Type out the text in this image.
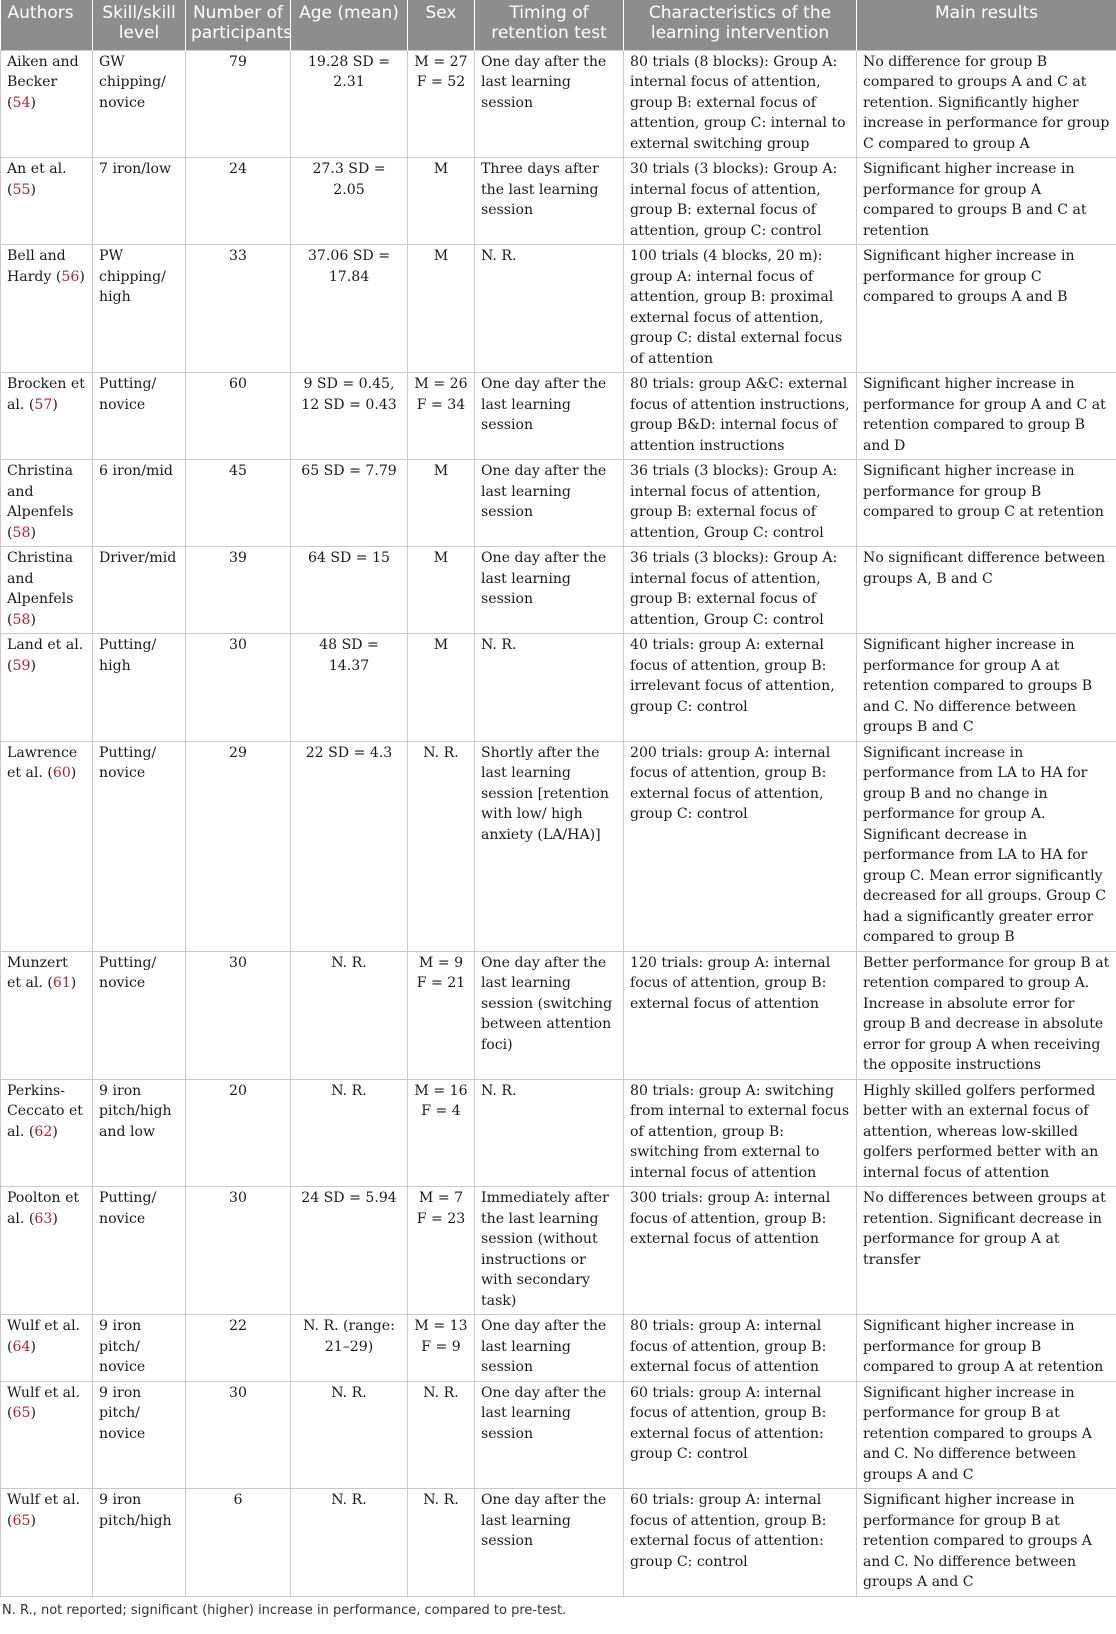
Authors	Skill/skill level	Number of participants	Age (mean)	Sex	Timing of retention test	Characteristics of the learning intervention	Main results
Aiken and Becker (54)	GW chipping/ novice	79	19.28 SD = 2.31	M = 27 F = 52	One day after the last learning session	80 trials (8 blocks): Group A: internal focus of attention, group B: external focus of attention, group C: internal to external switching group	No difference for group B compared to groups A and C at retention. Significantly higher increase in performance for group C compared to group A
An et al. (55)	7 iron/low	24	27.3 SD = 2.05	M	Three days after the last learning session	30 trials (3 blocks): Group A: internal focus of attention, group B: external focus of attention, group C: control	Significant higher increase in performance for group A compared to groups B and C at retention
Bell and Hardy (56)	PW chipping/ high	33	37.06 SD = 17.84	M	N. R.	100 trials (4 blocks, 20 m): group A: internal focus of attention, group B: proximal external focus of attention, group C: distal external focus of attention	Significant higher increase in performance for group C compared to groups A and B
Brocken et al. (57)	Putting/ novice	60	9 SD = 0.45, 12 SD = 0.43	M = 26 F = 34	One day after the last learning session	80 trials: group A&C: external focus of attention instructions, group B&D: internal focus of attention instructions	Significant higher increase in performance for group A and C at retention compared to group B and D
Christina and Alpenfels (58)	6 iron/mid	45	65 SD = 7.79	M	One day after the last learning session	36 trials (3 blocks): Group A: internal focus of attention, group B: external focus of attention, Group C: control	Significant higher increase in performance for group B compared to group C at retention
Christina and Alpenfels (58)	Driver/mid	39	64 SD = 15	M	One day after the last learning session	36 trials (3 blocks): Group A: internal focus of attention, group B: external focus of attention, Group C: control	No significant difference between groups A, B and C
Land et al. (59)	Putting/ high	30	48 SD = 14.37	M	N. R.	40 trials: group A: external focus of attention, group B: irrelevant focus of attention, group C: control	Significant higher increase in performance for group A at retention compared to groups B and C. No difference between groups B and C
Lawrence et al. (60)	Putting/ novice	29	22 SD = 4.3	N. R.	Shortly after the last learning session [retention with low/ high anxiety (LA/HA)]	200 trials: group A: internal focus of attention, group B: external focus of attention, group C: control	Significant increase in performance from LA to HA for group B and no change in performance for group A. Significant decrease in performance from LA to HA for group C. Mean error significantly decreased for all groups. Group C had a significantly greater error compared to group B
Munzert et al. (61)	Putting/ novice	30	N. R.	M = 9 F = 21	One day after the last learning session (switching between attention foci)	120 trials: group A: internal focus of attention, group B: external focus of attention	Better performance for group B at retention compared to group A. Increase in absolute error for group B and decrease in absolute error for group A when receiving the opposite instructions
Perkins-Ceccato et al. (62)	9 iron pitch/high and low	20	N. R.	M = 16 F = 4	N. R.	80 trials: group A: switching from internal to external focus of attention, group B: switching from external to internal focus of attention	Highly skilled golfers performed better with an external focus of attention, whereas low-skilled golfers performed better with an internal focus of attention
Poolton et al. (63)	Putting/ novice	30	24 SD = 5.94	M = 7 F = 23	Immediately after the last learning session (without instructions or with secondary task)	300 trials: group A: internal focus of attention, group B: external focus of attention	No differences between groups at retention. Significant decrease in performance for group A at transfer
Wulf et al. (64)	9 iron pitch/ novice	22	N. R. (range: 21–29)	M = 13 F = 9	One day after the last learning session	80 trials: group A: internal focus of attention, group B: external focus of attention	Significant higher increase in performance for group B compared to group A at retention
Wulf et al. (65)	9 iron pitch/ novice	30	N. R.	N. R.	One day after the last learning session	60 trials: group A: internal focus of attention, group B: external focus of attention: group C: control	Significant higher increase in performance for group B at retention compared to groups A and C. No difference between groups A and C
Wulf et al. (65)	9 iron pitch/high	6	N. R.	N. R.	One day after the last learning session	60 trials: group A: internal focus of attention, group B: external focus of attention: group C: control	Significant higher increase in performance for group B at retention compared to groups A and C. No difference between groups A and C
N. R., not reported; significant (higher) increase in performance, compared to pre-test.
